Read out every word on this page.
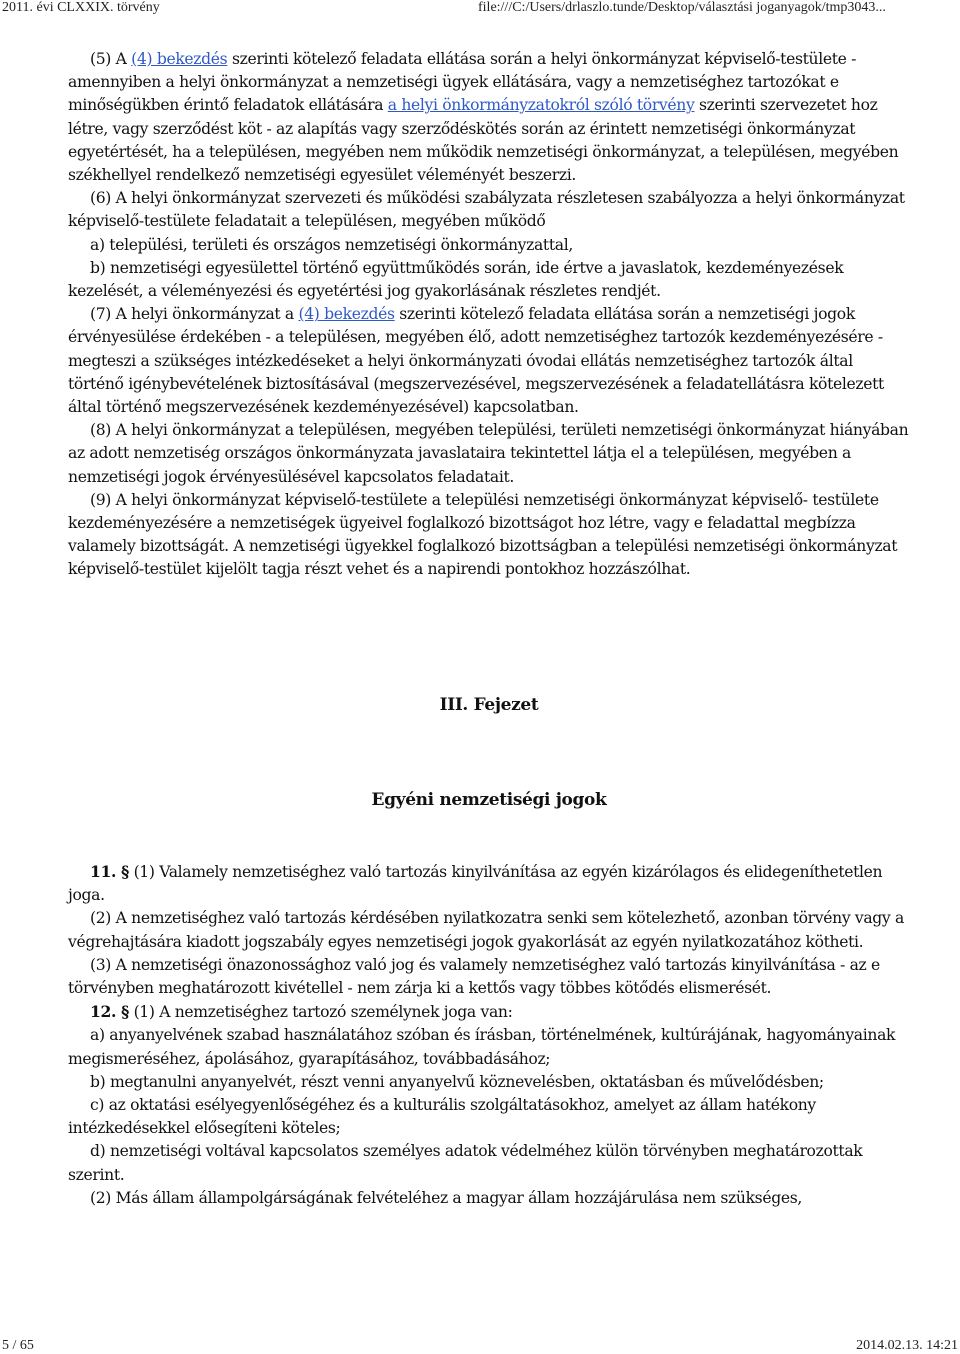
2011. évi CLXXIX. törvény	file:///C:/Users/drlaszlo.tunde/Desktop/választási joganyagok/tmp3043...

(5) A (4) bekezdés szerinti kötelező feladata ellátása során a helyi önkormányzat képviselő-testülete - amennyiben a helyi önkormányzat a nemzetiségi ügyek ellátására, vagy a nemzetiséghez tartozókat e minőségükben érintő feladatok ellátására a helyi önkormányzatokról szóló törvény szerinti szervezetet hoz létre, vagy szerződést köt - az alapítás vagy szerződéskötés során az érintett nemzetiségi önkormányzat egyetértését, ha a településen, megyében nem működik nemzetiségi önkormányzat, a településen, megyében székhellyel rendelkező nemzetiségi egyesület véleményét beszerzi.

(6) A helyi önkormányzat szervezeti és működési szabályzata részletesen szabályozza a helyi önkormányzat képviselő-testülete feladatait a településen, megyében működő

a) települési, területi és országos nemzetiségi önkormányzattal,

b) nemzetiségi egyesülettel történő együttműködés során, ide értve a javaslatok, kezdeményezések kezelését, a véleményezési és egyetértési jog gyakorlásának részletes rendjét.

(7) A helyi önkormányzat a (4) bekezdés szerinti kötelező feladata ellátása során a nemzetiségi jogok érvényesülése érdekében - a településen, megyében élő, adott nemzetiséghez tartozók kezdeményezésére - megteszi a szükséges intézkedéseket a helyi önkormányzati óvodai ellátás nemzetiséghez tartozók által történő igénybevételének biztosításával (megszervezésével, megszervezésének a feladatellátásra kötelezett által történő megszervezésének kezdeményezésével) kapcsolatban.

(8) A helyi önkormányzat a településen, megyében települési, területi nemzetiségi önkormányzat hiányában az adott nemzetiség országos önkormányzata javaslataira tekintettel látja el a településen, megyében a nemzetiségi jogok érvényesülésével kapcsolatos feladatait.

(9) A helyi önkormányzat képviselő-testülete a települési nemzetiségi önkormányzat képviselő- testülete kezdeményezésére a nemzetiségek ügyeivel foglalkozó bizottságot hoz létre, vagy e feladattal megbízza valamely bizottságát. A nemzetiségi ügyekkel foglalkozó bizottságban a települési nemzetiségi önkormányzat képviselő-testület kijelölt tagja részt vehet és a napirendi pontokhoz hozzászólhat.

III. Fejezet

Egyéni nemzetiségi jogok

11. § (1) Valamely nemzetiséghez való tartozás kinyilvánítása az egyén kizárólagos és elidegeníthetetlen joga.

(2) A nemzetiséghez való tartozás kérdésében nyilatkozatra senki sem kötelezhető, azonban törvény vagy a végrehajtására kiadott jogszabály egyes nemzetiségi jogok gyakorlását az egyén nyilatkozatához kötheti.

(3) A nemzetiségi önazonossághoz való jog és valamely nemzetiséghez való tartozás kinyilvánítása - az e törvényben meghatározott kivétellel - nem zárja ki a kettős vagy többes kötődés elismerését.

12. § (1) A nemzetiséghez tartozó személynek joga van:

a) anyanyelvének szabad használatához szóban és írásban, történelmének, kultúrájának, hagyományainak megismeréséhez, ápolásához, gyarapításához, továbbadásához;

b) megtanulni anyanyelvét, részt venni anyanyelvű köznevelésben, oktatásban és művelődésben;

c) az oktatási esélyegyenlőségéhez és a kulturális szolgáltatásokhoz, amelyet az állam hatékony intézkedésekkel elősegíteni köteles;

d) nemzetiségi voltával kapcsolatos személyes adatok védelméhez külön törvényben meghatározottak szerint.

(2) Más állam állampolgárságának felvételéhez a magyar állam hozzájárulása nem szükséges,

5 / 65	2014.02.13. 14:21
